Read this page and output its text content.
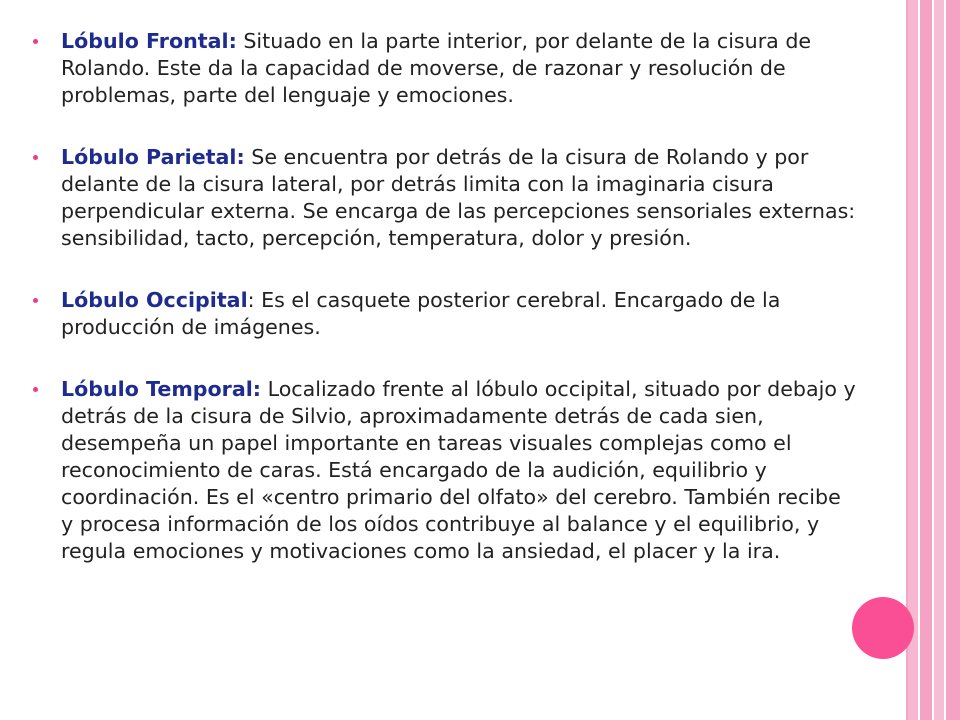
Lóbulo Frontal: Situado en la parte interior, por delante de la cisura de Rolando. Este da la capacidad de moverse, de razonar y resolución de problemas, parte del lenguaje y emociones.
Lóbulo Parietal: Se encuentra por detrás de la cisura de Rolando y por delante de la cisura lateral, por detrás limita con la imaginaria cisura perpendicular externa. Se encarga de las percepciones sensoriales externas: sensibilidad, tacto, percepción, temperatura, dolor y presión.
Lóbulo Occipital: Es el casquete posterior cerebral. Encargado de la producción de imágenes.
Lóbulo Temporal: Localizado frente al lóbulo occipital, situado por debajo y detrás de la cisura de Silvio, aproximadamente detrás de cada sien, desempeña un papel importante en tareas visuales complejas como el reconocimiento de caras. Está encargado de la audición, equilibrio y coordinación. Es el «centro primario del olfato» del cerebro. También recibe y procesa información de los oídos contribuye al balance y el equilibrio, y regula emociones y motivaciones como la ansiedad, el placer y la ira.
